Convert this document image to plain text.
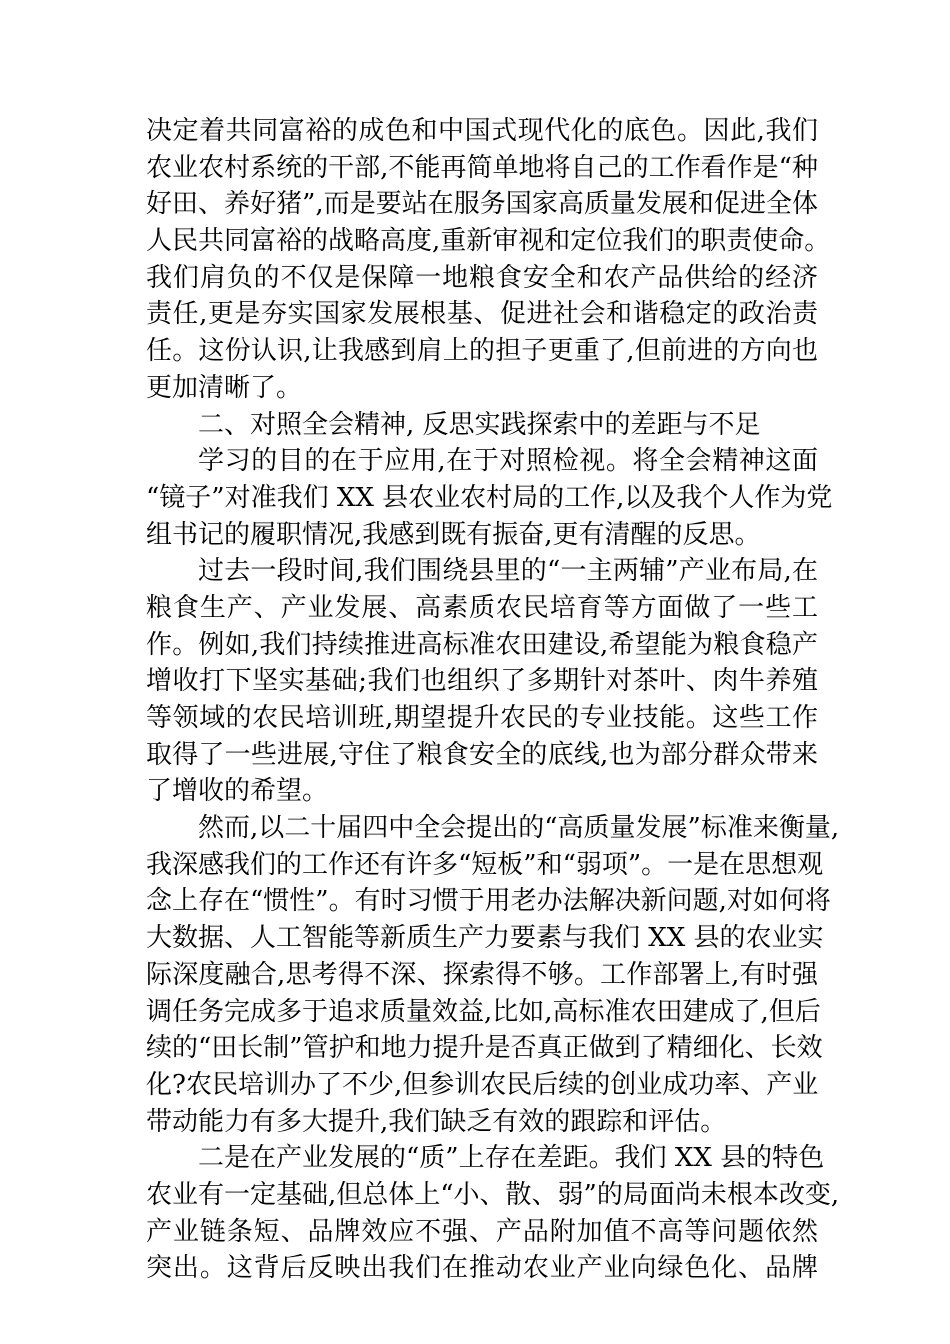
决定着共同富裕的成色和中国式现代化的底色。因此,我们
农业农村系统的干部,不能再简单地将自己的工作看作是“种
好田、养好猪”,而是要站在服务国家高质量发展和促进全体
人民共同富裕的战略高度,重新审视和定位我们的职责使命。
我们肩负的不仅是保障一地粮食安全和农产品供给的经济
责任,更是夯实国家发展根基、促进社会和谐稳定的政治责
任。这份认识,让我感到肩上的担子更重了,但前进的方向也
更加清晰了。
二、对照全会精神, 反思实践探索中的差距与不足
学习的目的在于应用,在于对照检视。将全会精神这面
“镜子”对准我们 XX 县农业农村局的工作,以及我个人作为党
组书记的履职情况,我感到既有振奋,更有清醒的反思。
过去一段时间,我们围绕县里的“一主两辅”产业布局,在
粮食生产、产业发展、高素质农民培育等方面做了一些工
作。例如,我们持续推进高标准农田建设,希望能为粮食稳产
增收打下坚实基础;我们也组织了多期针对茶叶、肉牛养殖
等领域的农民培训班,期望提升农民的专业技能。这些工作
取得了一些进展,守住了粮食安全的底线,也为部分群众带来
了增收的希望。
然而,以二十届四中全会提出的“高质量发展”标准来衡量,
我深感我们的工作还有许多“短板”和“弱项”。一是在思想观
念上存在“惯性”。有时习惯于用老办法解决新问题,对如何将
大数据、人工智能等新质生产力要素与我们 XX 县的农业实
际深度融合,思考得不深、探索得不够。工作部署上,有时强
调任务完成多于追求质量效益,比如,高标准农田建成了,但后
续的“田长制”管护和地力提升是否真正做到了精细化、长效
化?农民培训办了不少,但参训农民后续的创业成功率、产业
带动能力有多大提升,我们缺乏有效的跟踪和评估。
二是在产业发展的“质”上存在差距。我们 XX 县的特色
农业有一定基础,但总体上“小、散、弱”的局面尚未根本改变,
产业链条短、品牌效应不强、产品附加值不高等问题依然
突出。这背后反映出我们在推动农业产业向绿色化、品牌
